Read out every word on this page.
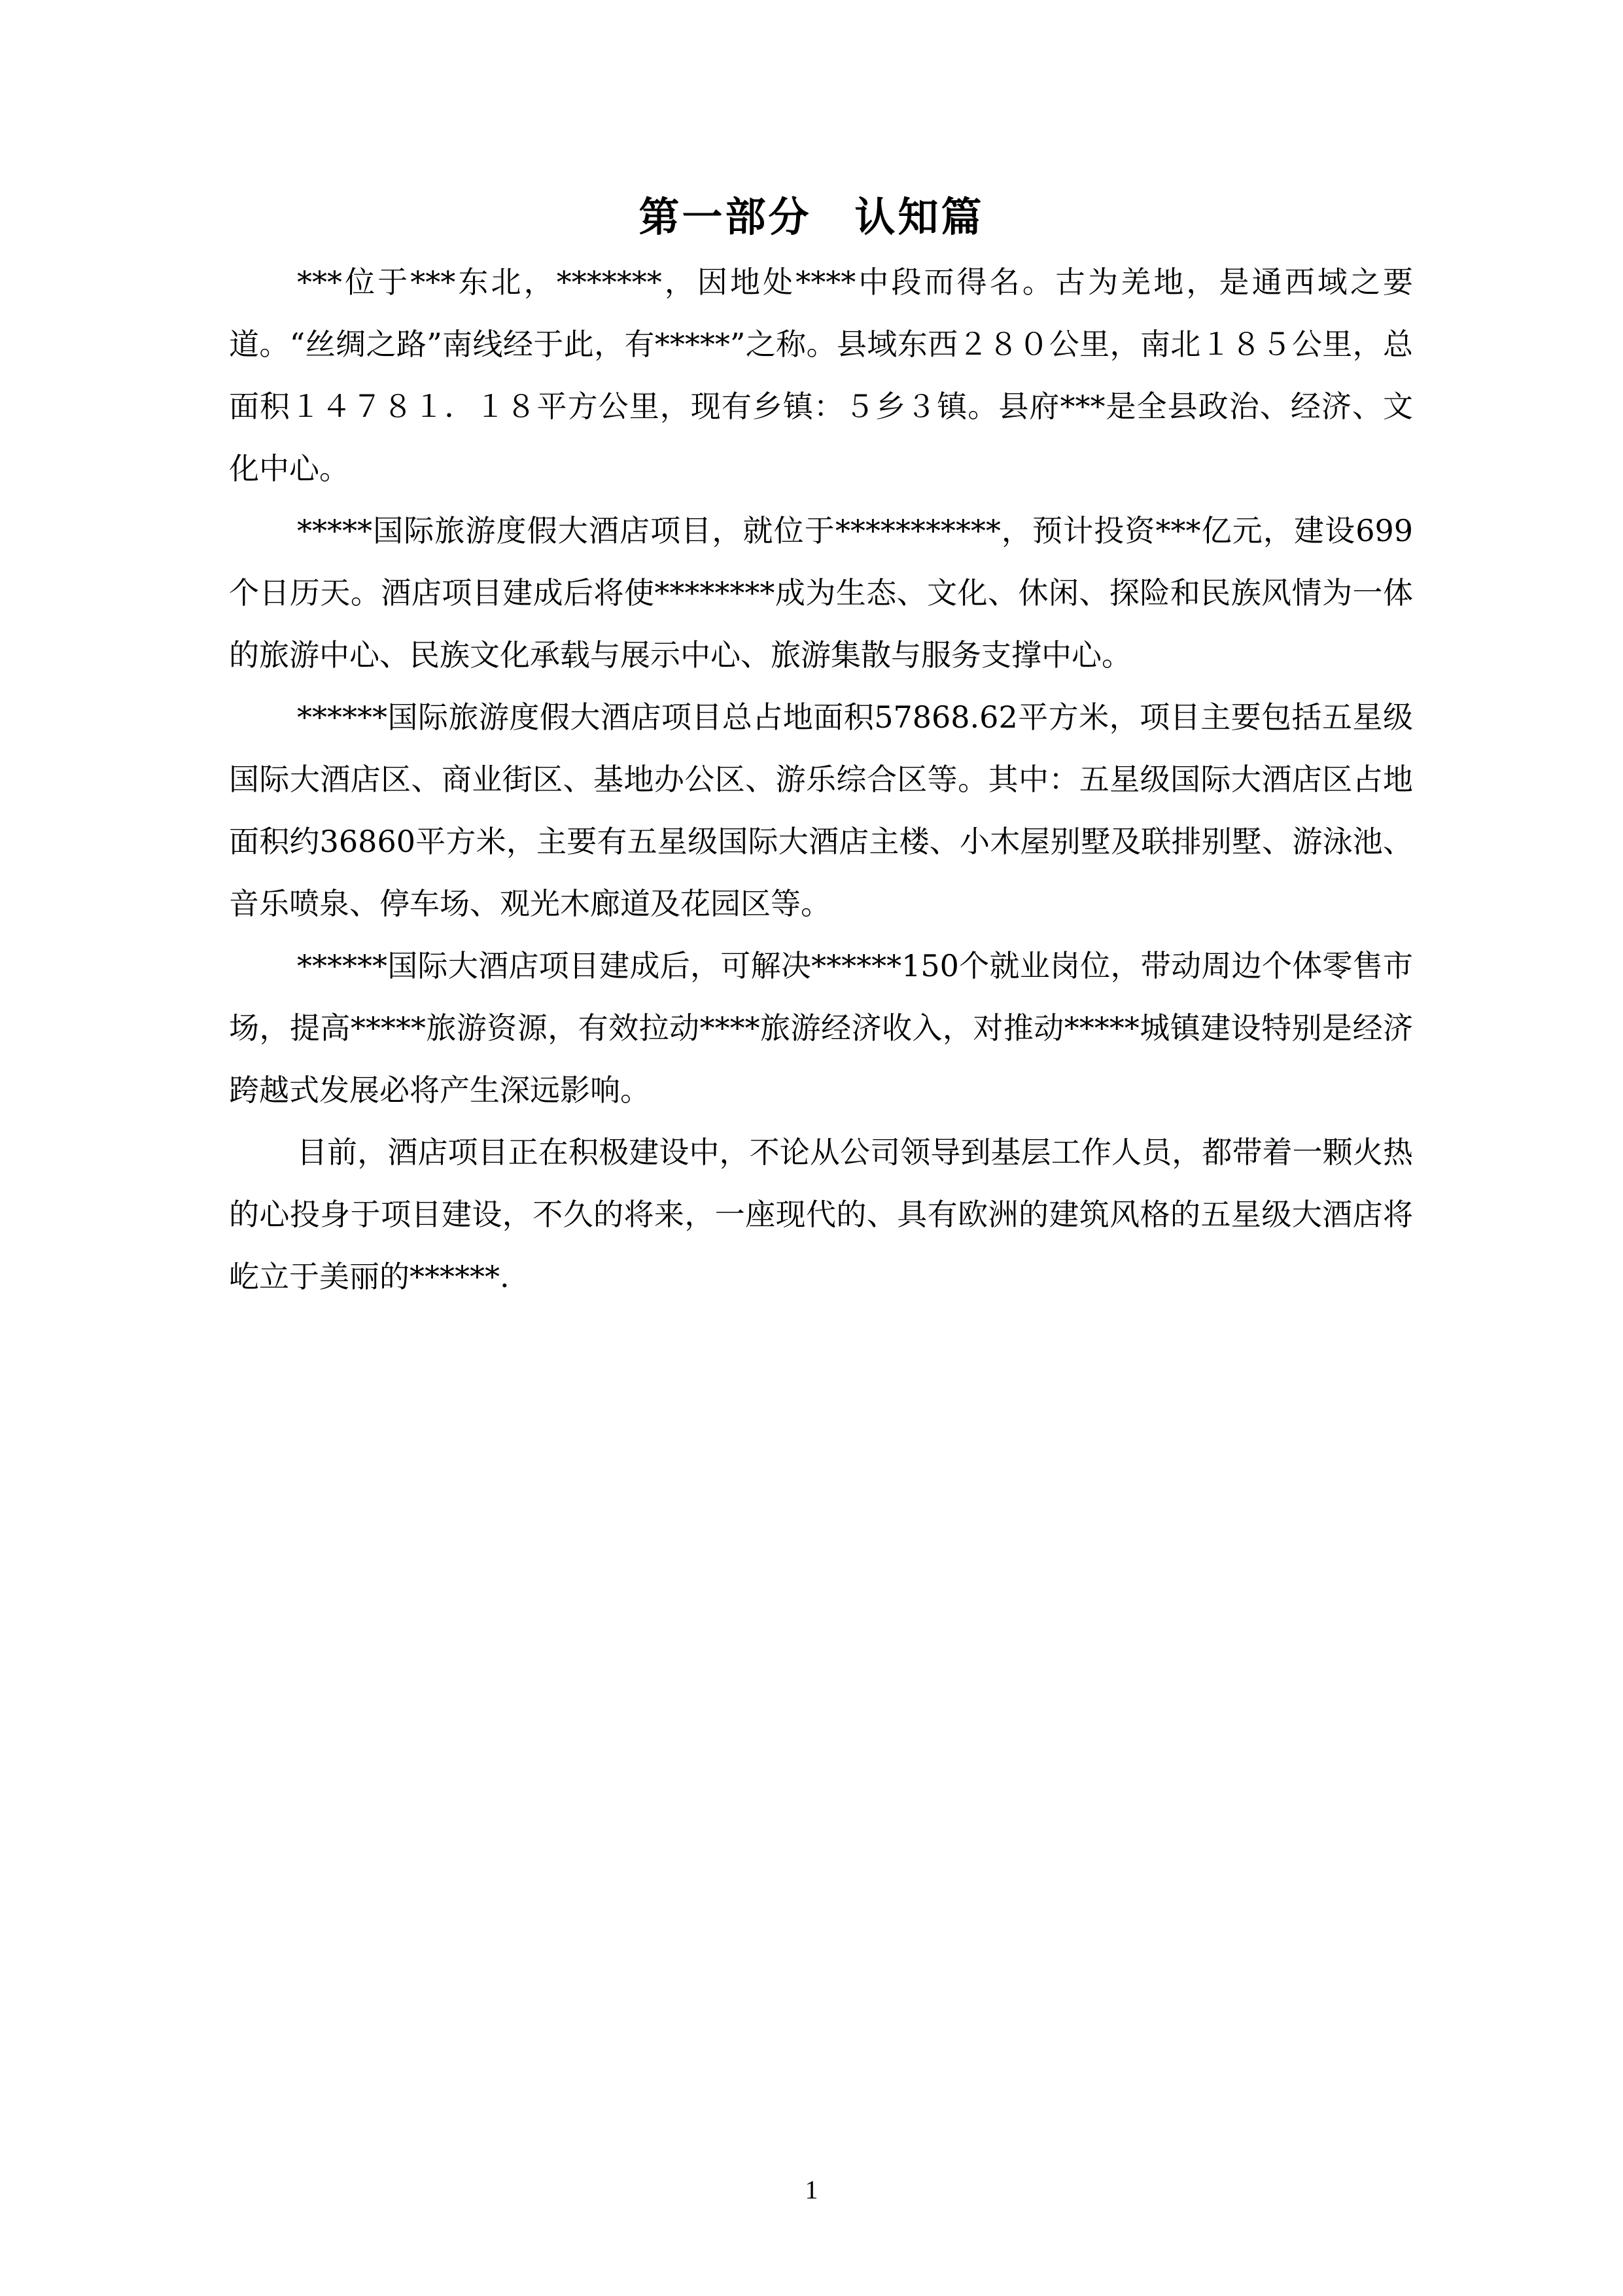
第一部分　认知篇

***位于***东北，*******，因地处****中段而得名。古为羌地，是通西域之要道。“丝绸之路”南线经于此，有*****”之称。县域东西２８０公里，南北１８５公里，总面积１４７８１．１８平方公里，现有乡镇：５乡３镇。县府***是全县政治、经济、文化中心。

*****国际旅游度假大酒店项目，就位于***********，预计投资***亿元，建设699个日历天。酒店项目建成后将使********成为生态、文化、休闲、探险和民族风情为一体的旅游中心、民族文化承载与展示中心、旅游集散与服务支撑中心。

******国际旅游度假大酒店项目总占地面积57868.62平方米，项目主要包括五星级国际大酒店区、商业街区、基地办公区、游乐综合区等。其中：五星级国际大酒店区占地面积约36860平方米，主要有五星级国际大酒店主楼、小木屋别墅及联排别墅、游泳池、音乐喷泉、停车场、观光木廊道及花园区等。

******国际大酒店项目建成后，可解决******150个就业岗位，带动周边个体零售市场，提高*****旅游资源，有效拉动****旅游经济收入，对推动*****城镇建设特别是经济跨越式发展必将产生深远影响。

目前，酒店项目正在积极建设中，不论从公司领导到基层工作人员，都带着一颗火热的心投身于项目建设，不久的将来，一座现代的、具有欧洲的建筑风格的五星级大酒店将屹立于美丽的******.

1
